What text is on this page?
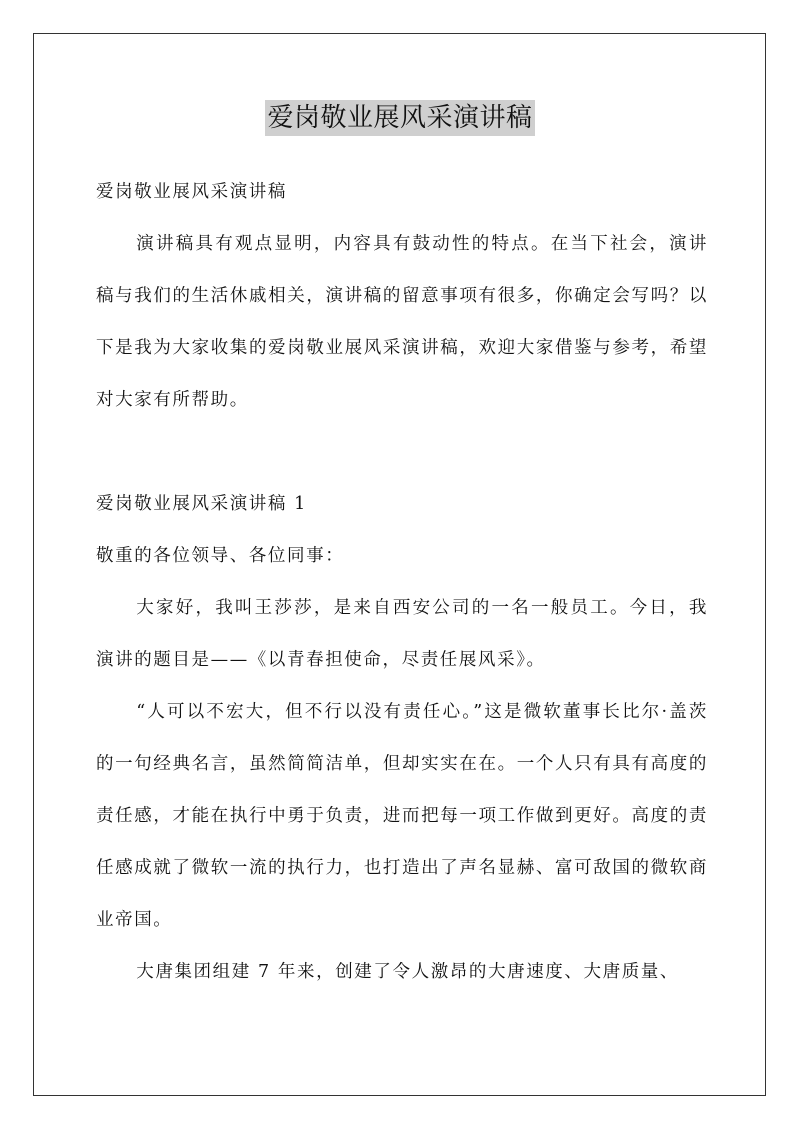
爱岗敬业展风采演讲稿

爱岗敬业展风采演讲稿

演讲稿具有观点显明，内容具有鼓动性的特点。在当下社会，演讲稿与我们的生活休戚相关，演讲稿的留意事项有很多，你确定会写吗？以下是我为大家收集的爱岗敬业展风采演讲稿，欢迎大家借鉴与参考，希望对大家有所帮助。

爱岗敬业展风采演讲稿 1

敬重的各位领导、各位同事：

大家好，我叫王莎莎，是来自西安公司的一名一般员工。今日，我演讲的题目是——《以青春担使命，尽责任展风采》。

“人可以不宏大，但不行以没有责任心。”这是微软董事长比尔·盖茨的一句经典名言，虽然简简洁单，但却实实在在。一个人只有具有高度的责任感，才能在执行中勇于负责，进而把每一项工作做到更好。高度的责任感成就了微软一流的执行力，也打造出了声名显赫、富可敌国的微软商业帝国。

大唐集团组建 7 年来，创建了令人激昂的大唐速度、大唐质量、
